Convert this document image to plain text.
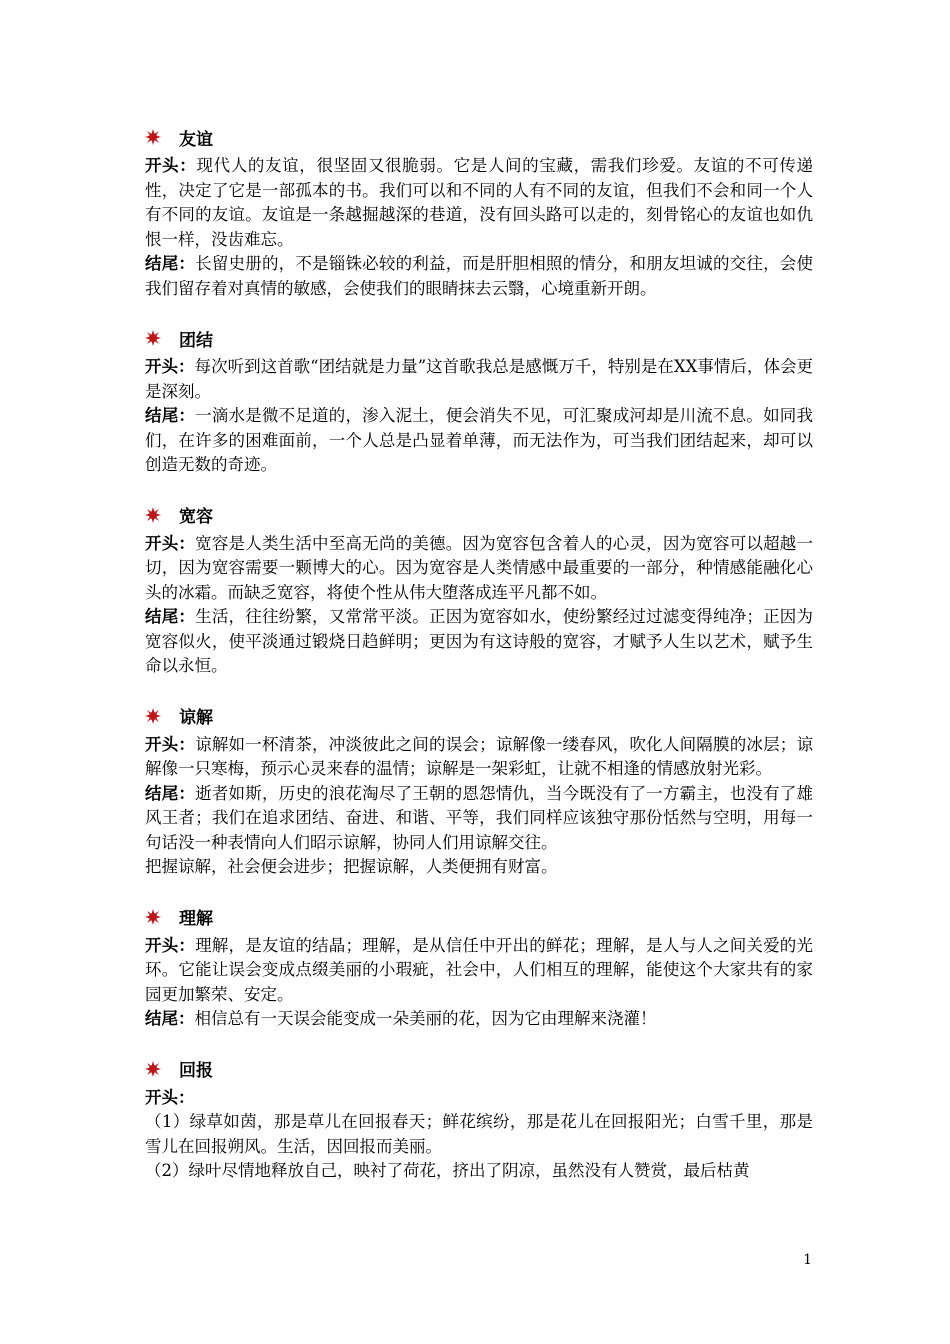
友谊

开头：现代人的友谊，很坚固又很脆弱。它是人间的宝藏，需我们珍爱。友谊的不可传递性，决定了它是一部孤本的书。我们可以和不同的人有不同的友谊，但我们不会和同一个人有不同的友谊。友谊是一条越掘越深的巷道，没有回头路可以走的，刻骨铭心的友谊也如仇恨一样，没齿难忘。

结尾：长留史册的，不是锱铢必较的利益，而是肝胆相照的情分，和朋友坦诚的交往，会使我们留存着对真情的敏感，会使我们的眼睛抹去云翳，心境重新开朗。

团结

开头：每次听到这首歌“团结就是力量”这首歌我总是感慨万千，特别是在XX事情后，体会更是深刻。

结尾：一滴水是微不足道的，渗入泥土，便会消失不见，可汇聚成河却是川流不息。如同我们，在许多的困难面前，一个人总是凸显着单薄，而无法作为，可当我们团结起来，却可以创造无数的奇迹。

宽容

开头：宽容是人类生活中至高无尚的美德。因为宽容包含着人的心灵，因为宽容可以超越一切，因为宽容需要一颗博大的心。因为宽容是人类情感中最重要的一部分，种情感能融化心头的冰霜。而缺乏宽容，将使个性从伟大堕落成连平凡都不如。

结尾：生活，往往纷繁，又常常平淡。正因为宽容如水，使纷繁经过过滤变得纯净；正因为宽容似火，使平淡通过锻烧日趋鲜明；更因为有这诗般的宽容，才赋予人生以艺术，赋予生命以永恒。

谅解

开头：谅解如一杯清茶，冲淡彼此之间的误会；谅解像一缕春风，吹化人间隔膜的冰层；谅解像一只寒梅，预示心灵来春的温情；谅解是一架彩虹，让就不相逢的情感放射光彩。

结尾：逝者如斯，历史的浪花淘尽了王朝的恩怨情仇，当今既没有了一方霸主，也没有了雄风王者；我们在追求团结、奋进、和谐、平等，我们同样应该独守那份恬然与空明，用每一句话没一种表情向人们昭示谅解，协同人们用谅解交往。

把握谅解，社会便会进步；把握谅解，人类便拥有财富。

理解

开头：理解，是友谊的结晶；理解，是从信任中开出的鲜花；理解，是人与人之间关爱的光环。它能让误会变成点缀美丽的小瑕疵，社会中，人们相互的理解，能使这个大家共有的家园更加繁荣、安定。

结尾：相信总有一天误会能变成一朵美丽的花，因为它由理解来浇灌！

回报

开头：

（1）绿草如茵，那是草儿在回报春天；鲜花缤纷，那是花儿在回报阳光；白雪千里，那是雪儿在回报朔风。生活，因回报而美丽。

（2）绿叶尽情地释放自己，映衬了荷花，挤出了阴凉，虽然没有人赞赏，最后枯黄

1
